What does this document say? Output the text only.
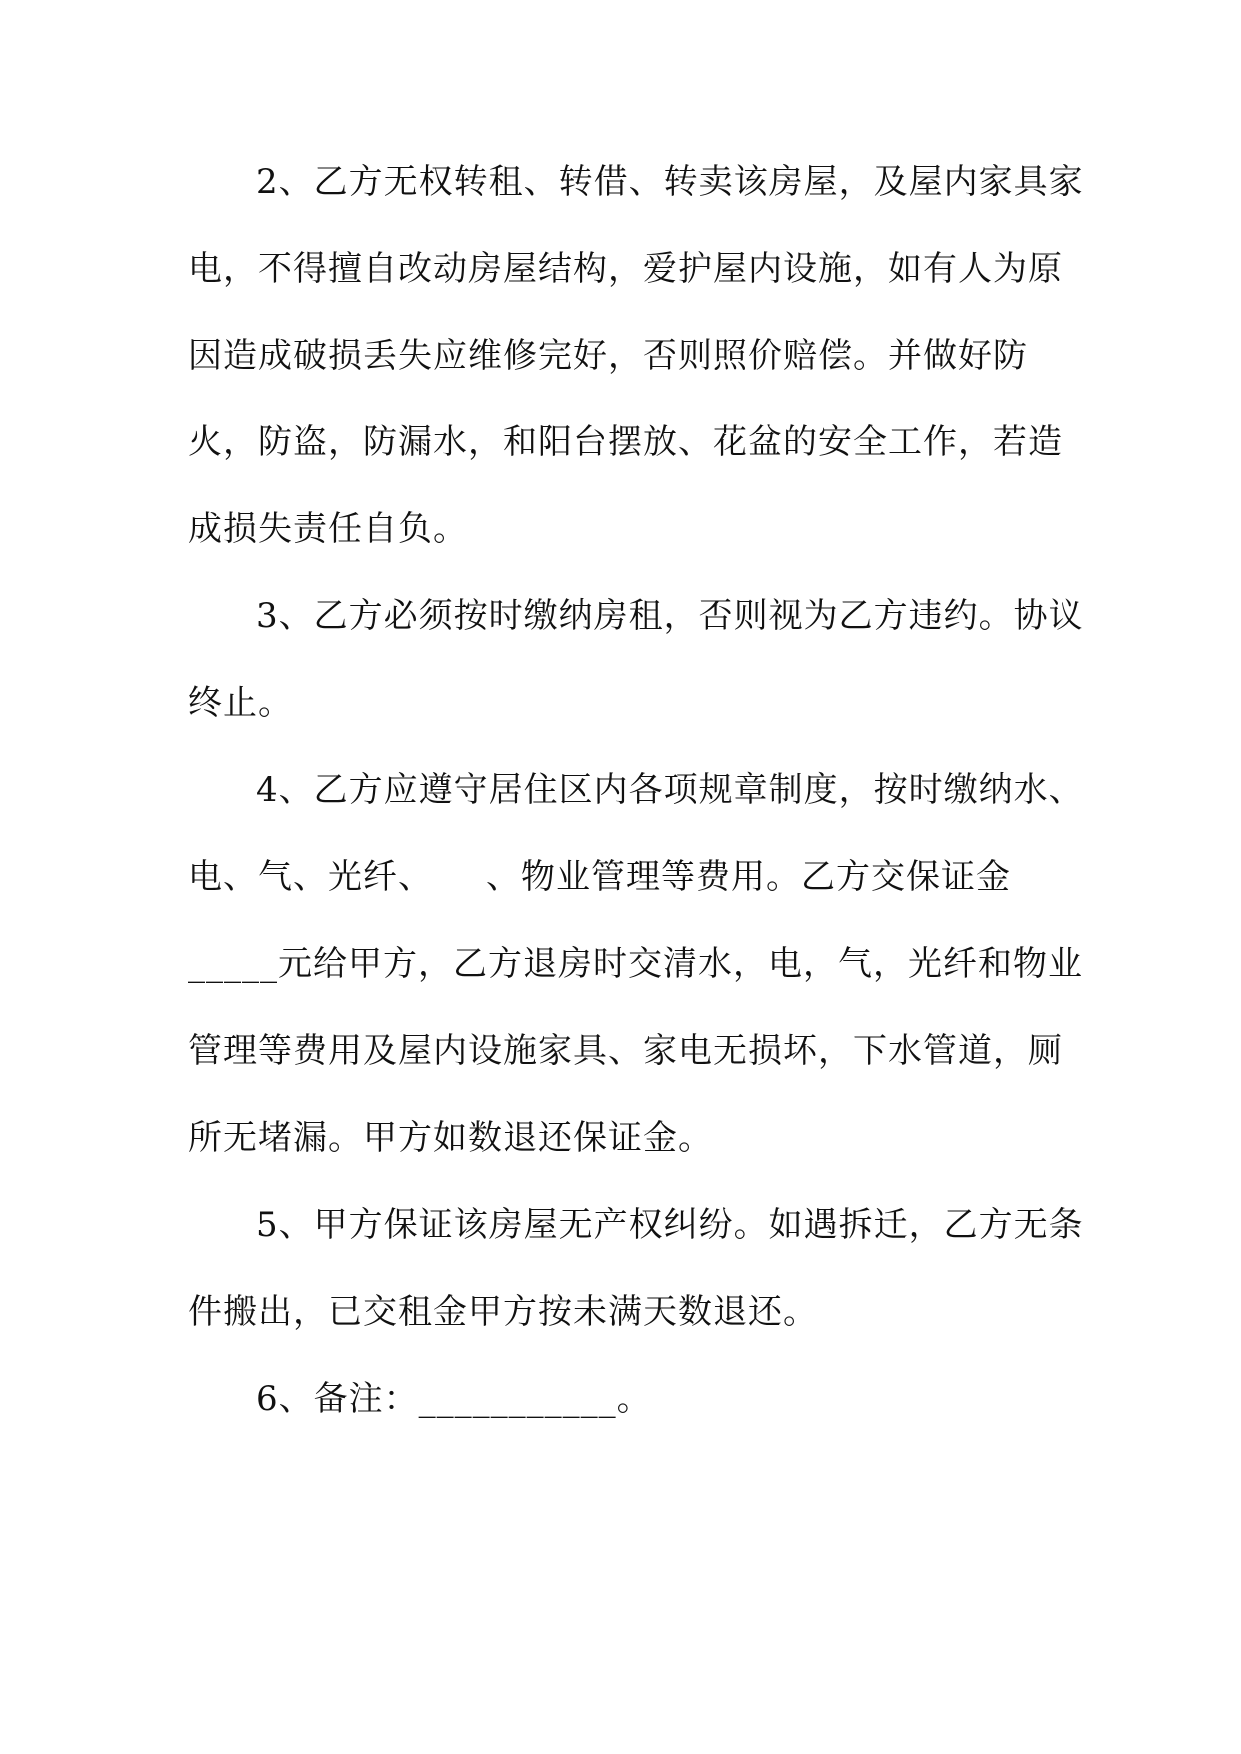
2、乙方无权转租、转借、转卖该房屋，及屋内家具家
电，不得擅自改动房屋结构，爱护屋内设施，如有人为原
因造成破损丢失应维修完好，否则照价赔偿。并做好防
火，防盗，防漏水，和阳台摆放、花盆的安全工作，若造
成损失责任自负。
3、乙方必须按时缴纳房租，否则视为乙方违约。协议
终止。
4、乙方应遵守居住区内各项规章制度，按时缴纳水、
电、气、光纤、　　、物业管理等费用。乙方交保证金
_____元给甲方，乙方退房时交清水，电，气，光纤和物业
管理等费用及屋内设施家具、家电无损坏，下水管道，厕
所无堵漏。甲方如数退还保证金。
5、甲方保证该房屋无产权纠纷。如遇拆迁，乙方无条
件搬出，已交租金甲方按未满天数退还。
6、备注：___________。
